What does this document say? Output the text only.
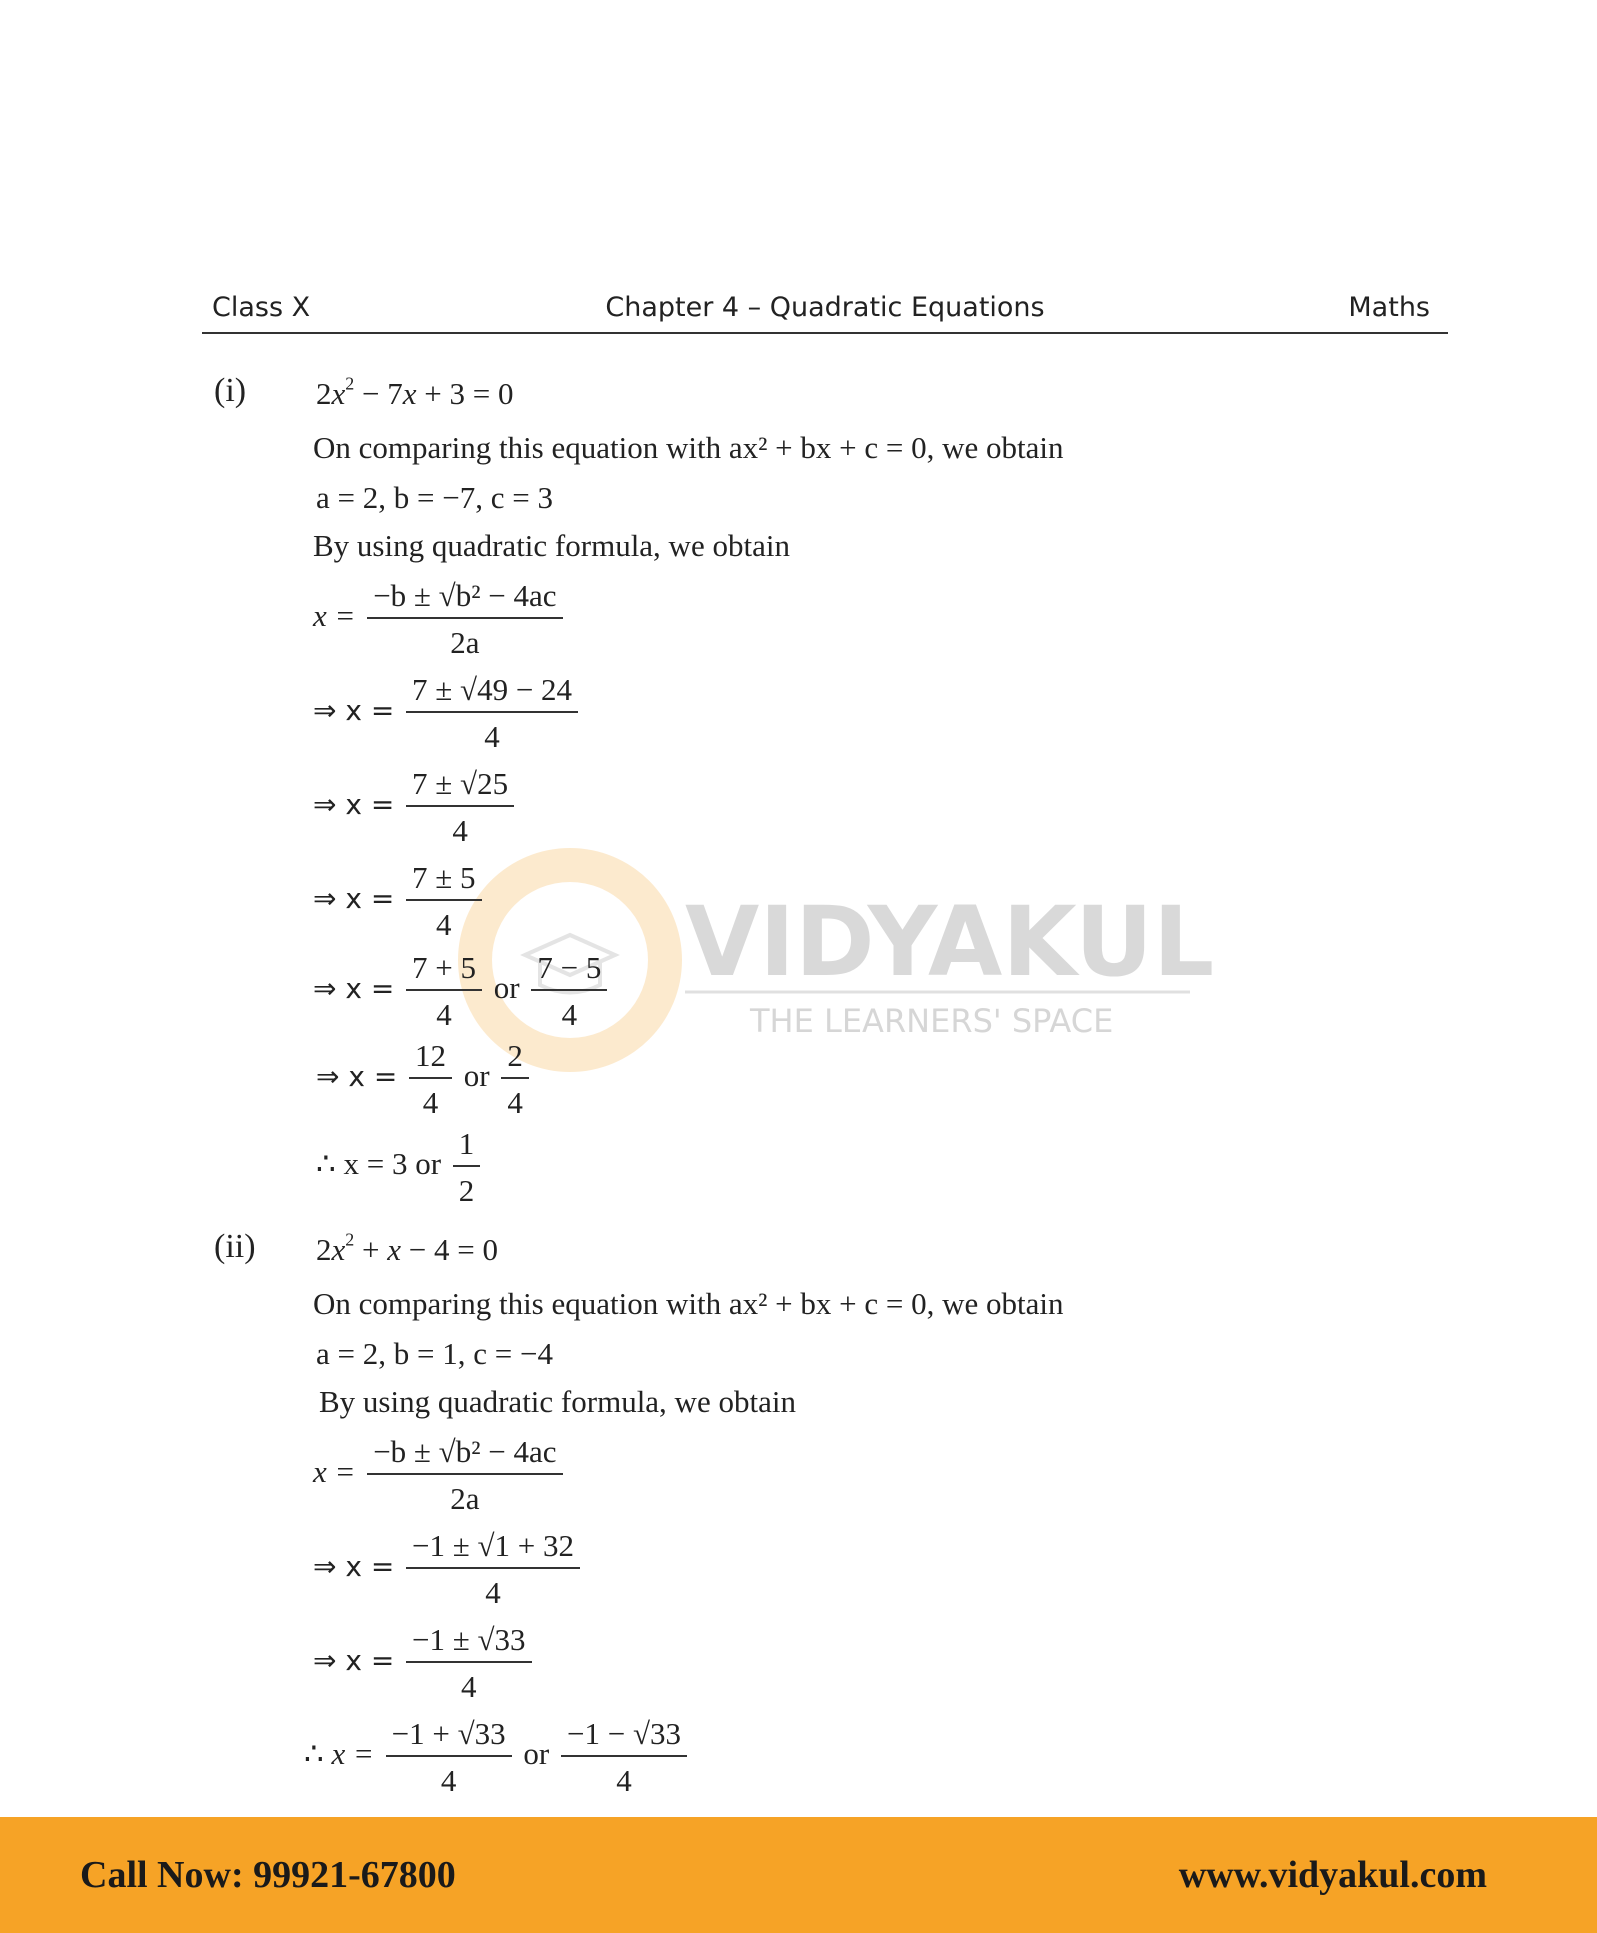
Class X	Chapter 4 – Quadratic Equations	Maths
VIDYAKUL
THE LEARNERS' SPACE
(i) $2x^2 - 7x + 3 = 0$
On comparing this equation with ax² + bx + c = 0, we obtain
a = 2, b = −7, c = 3
By using quadratic formula, we obtain
$x = \frac{\text{−b ± √b² − 4ac}}{2a}$
⇒ $x = \frac{7 \pm √49 - 24}{4}$
⇒ $x = \frac{7 \pm √25}{4}$
⇒ $x = \frac{7 \pm 5}{4}$
⇒ $x = \frac{7 + 5}{4}$ or $\frac{7 - 5}{4}$
⇒ $x = \frac{12}{4}$ or $\frac{2}{4}$
∴ x = 3 or $\frac{1}{2}$
(ii) $2x^2 + x - 4 = 0$
On comparing this equation with ax² + bx + c = 0, we obtain
a = 2, b = 1, c = −4
By using quadratic formula, we obtain
$x = \frac{\text{−b ± √b² − 4ac}}{2a}$
⇒ $x = \frac{-1 \pm √1 + 32}{4}$
⇒ $x = \frac{-1 \pm √33}{4}$
∴ $x = \frac{-1 + √33}{4}$ or $\frac{-1 - √33}{4}$
Call Now: 99921-67800	www.vidyakul.com
